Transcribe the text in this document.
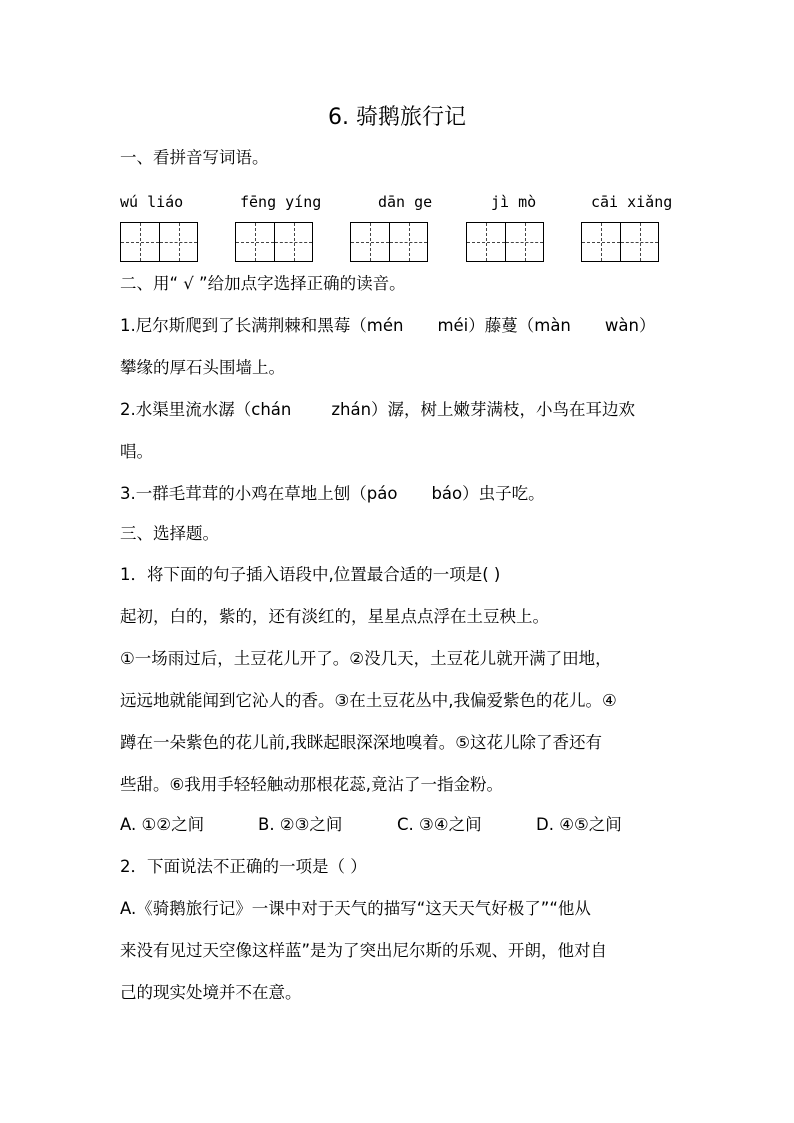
6. 骑鹅旅行记
一、看拼音写词语。
wú liáo	fēng yíng	dān ge	jì mò	cāi xiǎng
二、用“ √ ”给加点字选择正确的读音。
1.尼尔斯爬到了长满荆棘和黑莓（mén méi）藤蔓（màn wàn）
攀缘的厚石头围墙上。
2.水渠里流水潺（chán zhán）潺，树上嫩芽满枝，小鸟在耳边欢
唱。
3.一群毛茸茸的小鸡在草地上刨（páo báo）虫子吃。
三、选择题。
1．将下面的句子插入语段中,位置最合适的一项是( )
起初，白的，紫的，还有淡红的，星星点点浮在土豆秧上。
①一场雨过后，土豆花儿开了。②没几天，土豆花儿就开满了田地，
远远地就能闻到它沁人的香。③在土豆花丛中,我偏爱紫色的花儿。④
蹲在一朵紫色的花儿前,我眯起眼深深地嗅着。⑤这花儿除了香还有
些甜。⑥我用手轻轻触动那根花蕊,竟沾了一指金粉。
A. ①②之间	B. ②③之间	C. ③④之间	D. ④⑤之间
2．下面说法不正确的一项是（ ）
A.《骑鹅旅行记》一课中对于天气的描写“这天天气好极了”“他从
来没有见过天空像这样蓝”是为了突出尼尔斯的乐观、开朗，他对自
己的现实处境并不在意。
